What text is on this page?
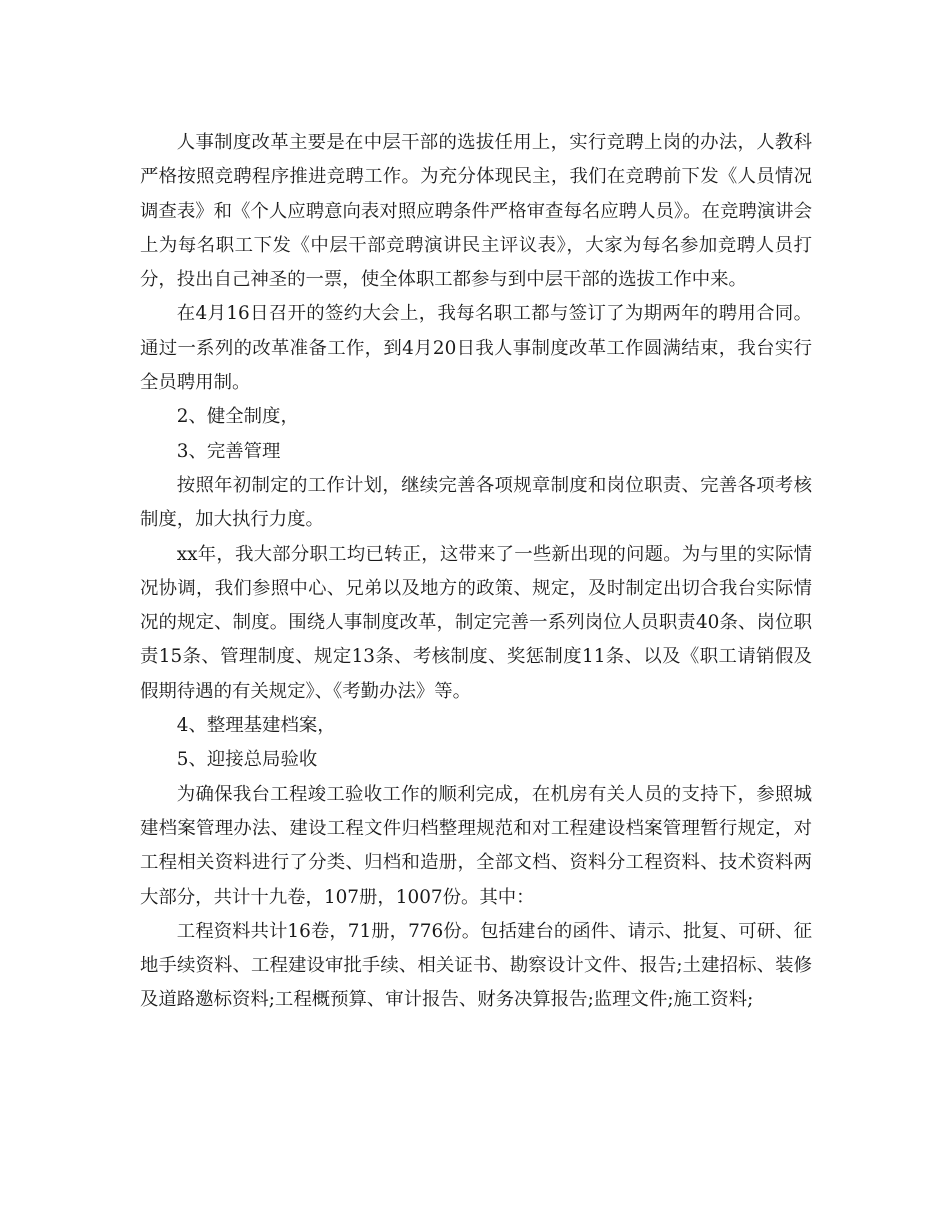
人事制度改革主要是在中层干部的选拔任用上，实行竞聘上岗的办法，人教科严格按照竞聘程序推进竞聘工作。为充分体现民主，我们在竞聘前下发《人员情况调查表》和《个人应聘意向表对照应聘条件严格审查每名应聘人员》。在竞聘演讲会上为每名职工下发《中层干部竞聘演讲民主评议表》，大家为每名参加竞聘人员打分，投出自己神圣的一票，使全体职工都参与到中层干部的选拔工作中来。

在4月16日召开的签约大会上，我每名职工都与签订了为期两年的聘用合同。通过一系列的改革准备工作，到4月20日我人事制度改革工作圆满结束，我台实行全员聘用制。

2、健全制度，

3、完善管理

按照年初制定的工作计划，继续完善各项规章制度和岗位职责、完善各项考核制度，加大执行力度。

xx年，我大部分职工均已转正，这带来了一些新出现的问题。为与里的实际情况协调，我们参照中心、兄弟以及地方的政策、规定，及时制定出切合我台实际情况的规定、制度。围绕人事制度改革，制定完善一系列岗位人员职责40条、岗位职责15条、管理制度、规定13条、考核制度、奖惩制度11条、以及《职工请销假及假期待遇的有关规定》、《考勤办法》等。

4、整理基建档案，

5、迎接总局验收

为确保我台工程竣工验收工作的顺利完成，在机房有关人员的支持下，参照城建档案管理办法、建设工程文件归档整理规范和对工程建设档案管理暂行规定，对工程相关资料进行了分类、归档和造册，全部文档、资料分工程资料、技术资料两大部分，共计十九卷，107册，1007份。其中：

工程资料共计16卷，71册，776份。包括建台的函件、请示、批复、可研、征地手续资料、工程建设审批手续、相关证书、勘察设计文件、报告;土建招标、装修及道路邀标资料;工程概预算、审计报告、财务决算报告;监理文件;施工资料;
